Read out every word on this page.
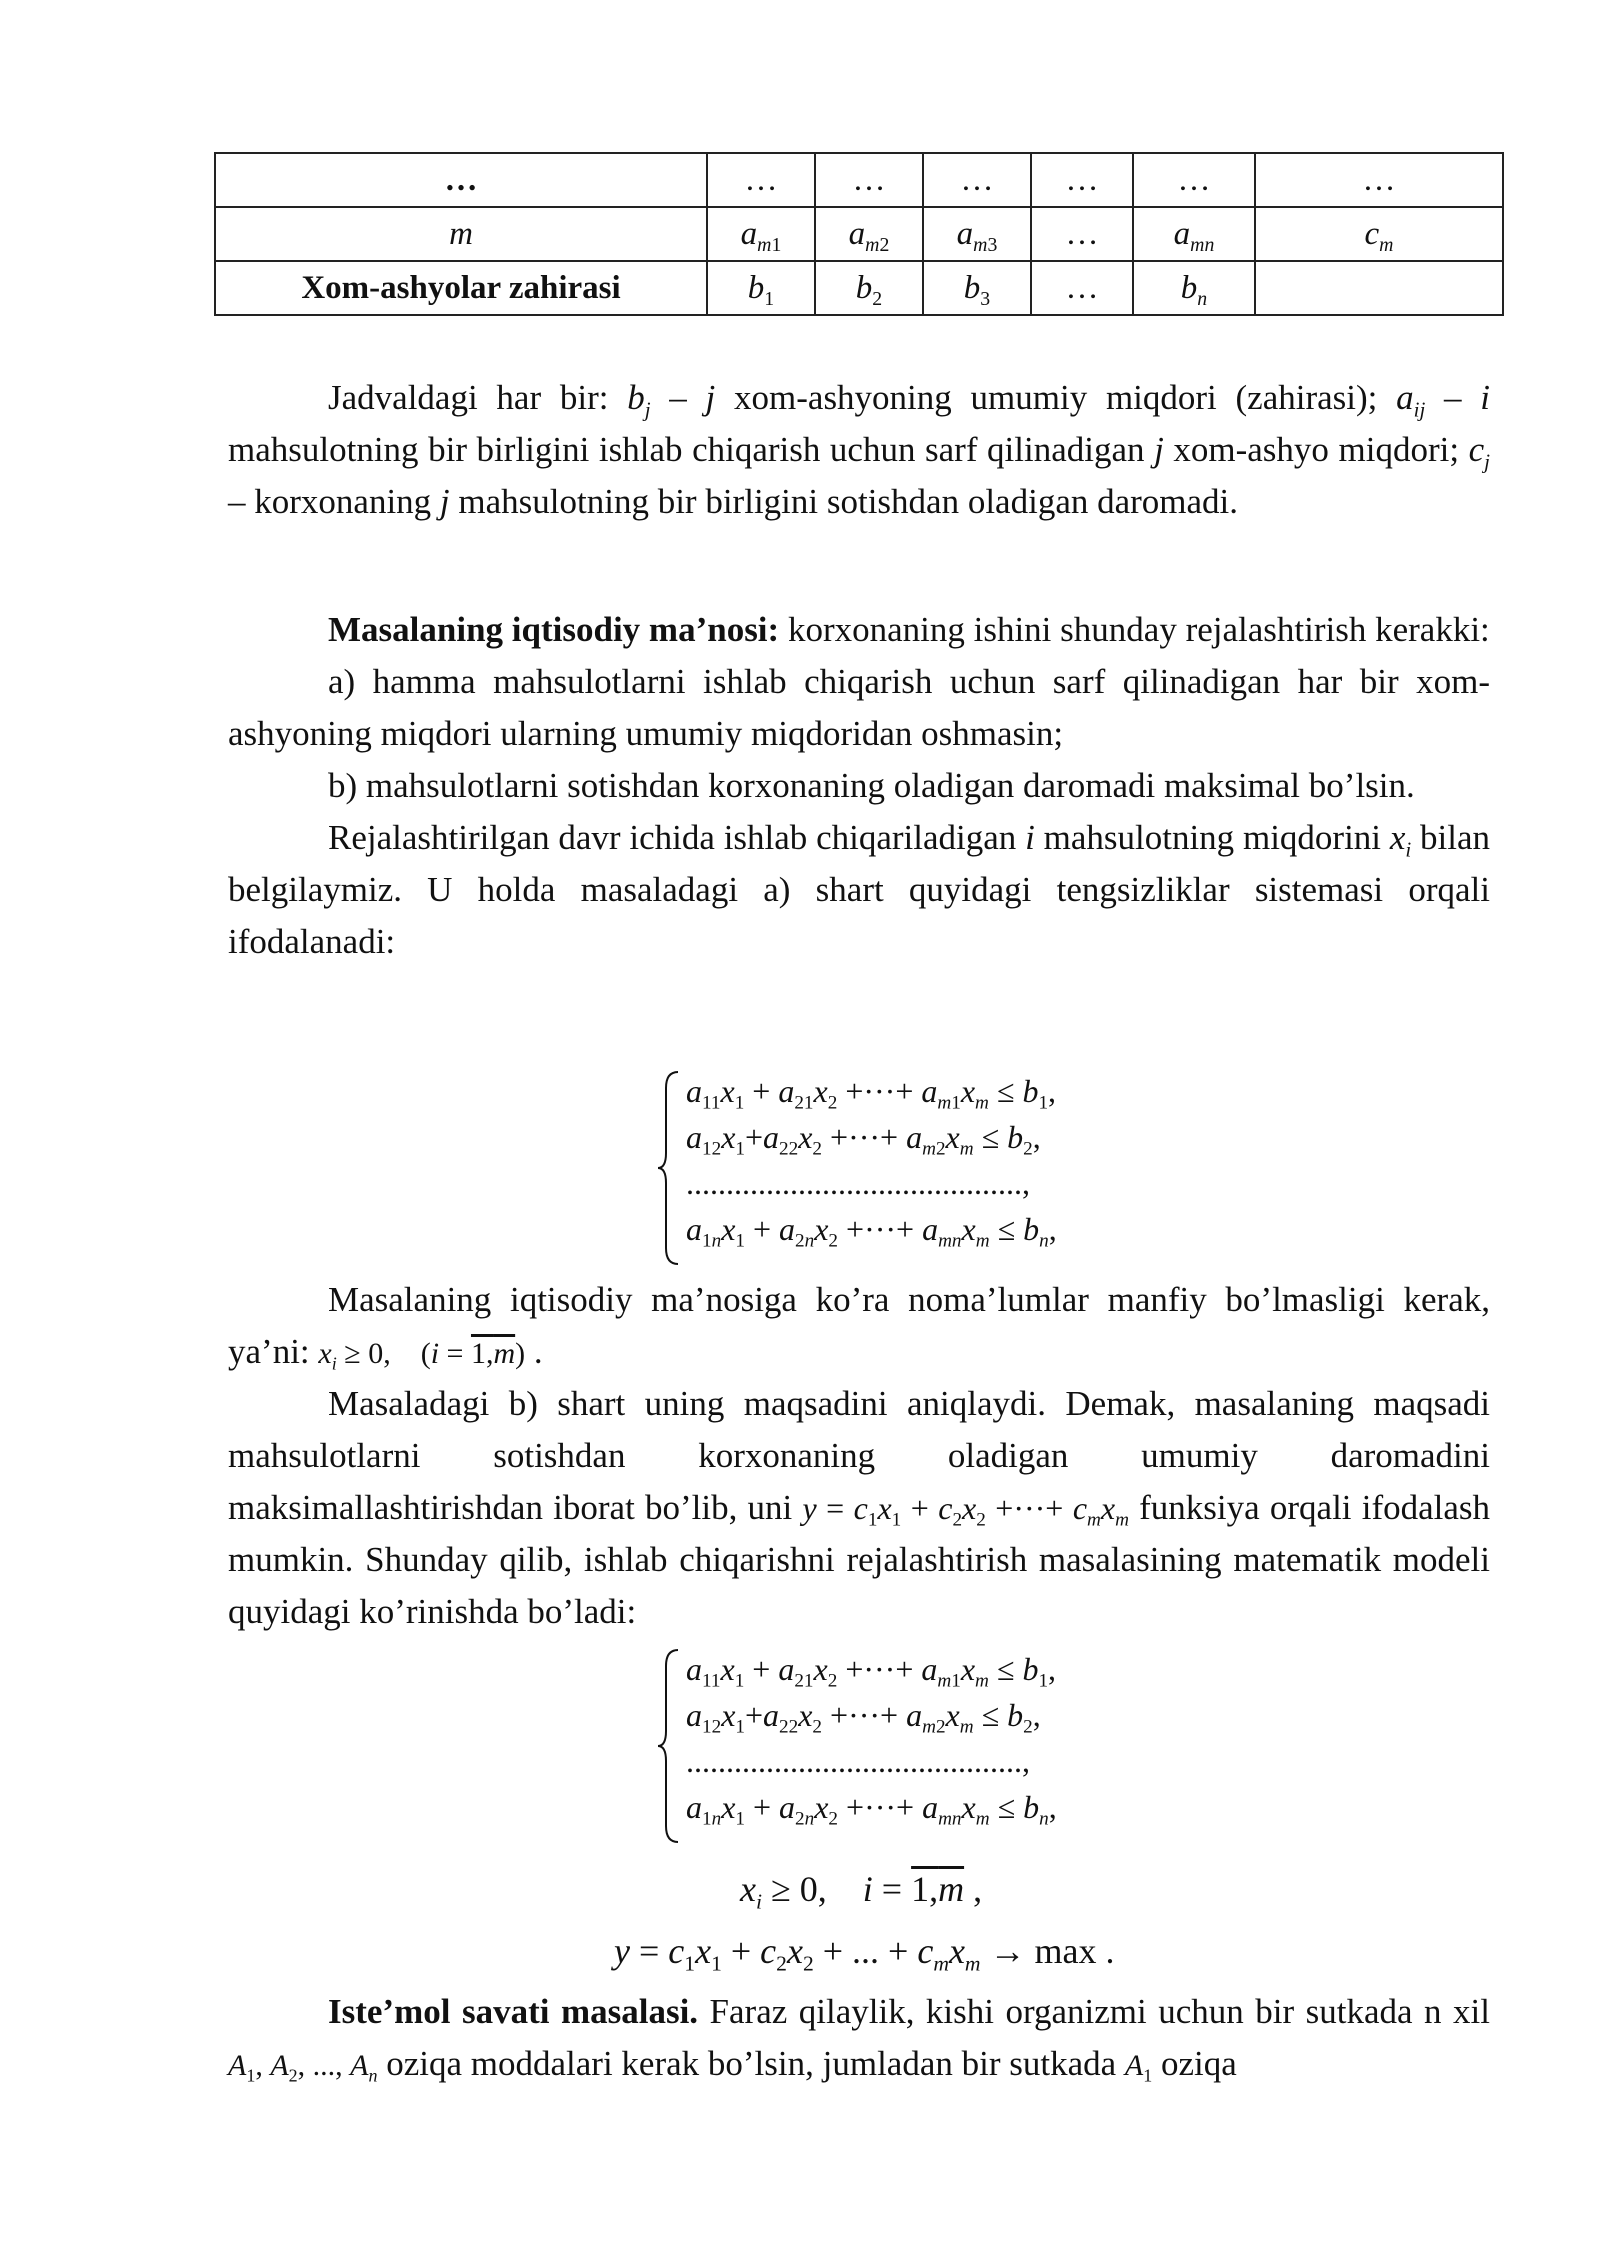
…	…	…	…	…	…	…
m	$a_{m1}$	$a_{m2}$	$a_{m3}$	…	$a_{mn}$	$c_m$
Xom-ashyolar zahirasi	$b_1$	$b_2$	$b_3$	…	$b_n$	

Jadvaldagi har bir: $b_j$ – j xom-ashyoning umumiy miqdori (zahirasi); $a_{ij}$ – i mahsulotning bir birligini ishlab chiqarish uchun sarf qilinadigan j xom-ashyo miqdori; $c_j$ – korxonaning j mahsulotning bir birligini sotishdan oladigan daromadi.

Masalaning iqtisodiy ma’nosi: korxonaning ishini shunday rejalashtirish kerakki:

a) hamma mahsulotlarni ishlab chiqarish uchun sarf qilinadigan har bir xom-ashyoning miqdori ularning umumiy miqdoridan oshmasin;

b) mahsulotlarni sotishdan korxonaning oladigan daromadi maksimal bo’lsin.

Rejalashtirilgan davr ichida ishlab chiqariladigan i mahsulotning miqdorini $x_i$ bilan belgilaymiz. U holda masaladagi a) shart quyidagi tengsizliklar sistemasi orqali ifodalanadi:

$a_{11}x_1 + a_{21}x_2$ +···+ $a_{m1}x_m \le b_1$,
$a_{12}x_1+a_{22}x_2$ +···+ $a_{m2}x_m \le b_2$,
..........................................,
$a_{1n}x_1 + a_{2n}x_2$ +···+ $a_{mn}x_m \le b_n$,

Masalaning iqtisodiy ma’nosiga ko’ra noma’lumlar manfiy bo’lmasligi kerak, ya’ni: $x_i \ge 0$,    (i = 1,m) .

Masaladagi b) shart uning maqsadini aniqlaydi. Demak, masalaning maqsadi mahsulotlarni sotishdan korxonaning oladigan umumiy daromadini maksimallashtirishdan iborat bo’lib, uni $y = c_1x_1 + c_2x_2$ +···+ $c_mx_m$ funksiya orqali ifodalash mumkin. Shunday qilib, ishlab chiqarishni rejalashtirish masalasining matematik modeli quyidagi ko’rinishda bo’ladi:

$a_{11}x_1 + a_{21}x_2$ +···+ $a_{m1}x_m \le b_1$,
$a_{12}x_1+a_{22}x_2$ +···+ $a_{m2}x_m \le b_2$,
..........................................,
$a_{1n}x_1 + a_{2n}x_2$ +···+ $a_{mn}x_m \le b_n$,
$x_i \ge 0$,    i = 1,m ,
$y = c_1x_1 + c_2x_2$ + ... + $c_mx_m \to \max$ .

Iste’mol savati masalasi. Faraz qilaylik, kishi organizmi uchun bir sutkada n xil $A_1$, $A_2$, ..., $A_n$ oziqa moddalari kerak bo’lsin, jumladan bir sutkada $A_1$ oziqa
